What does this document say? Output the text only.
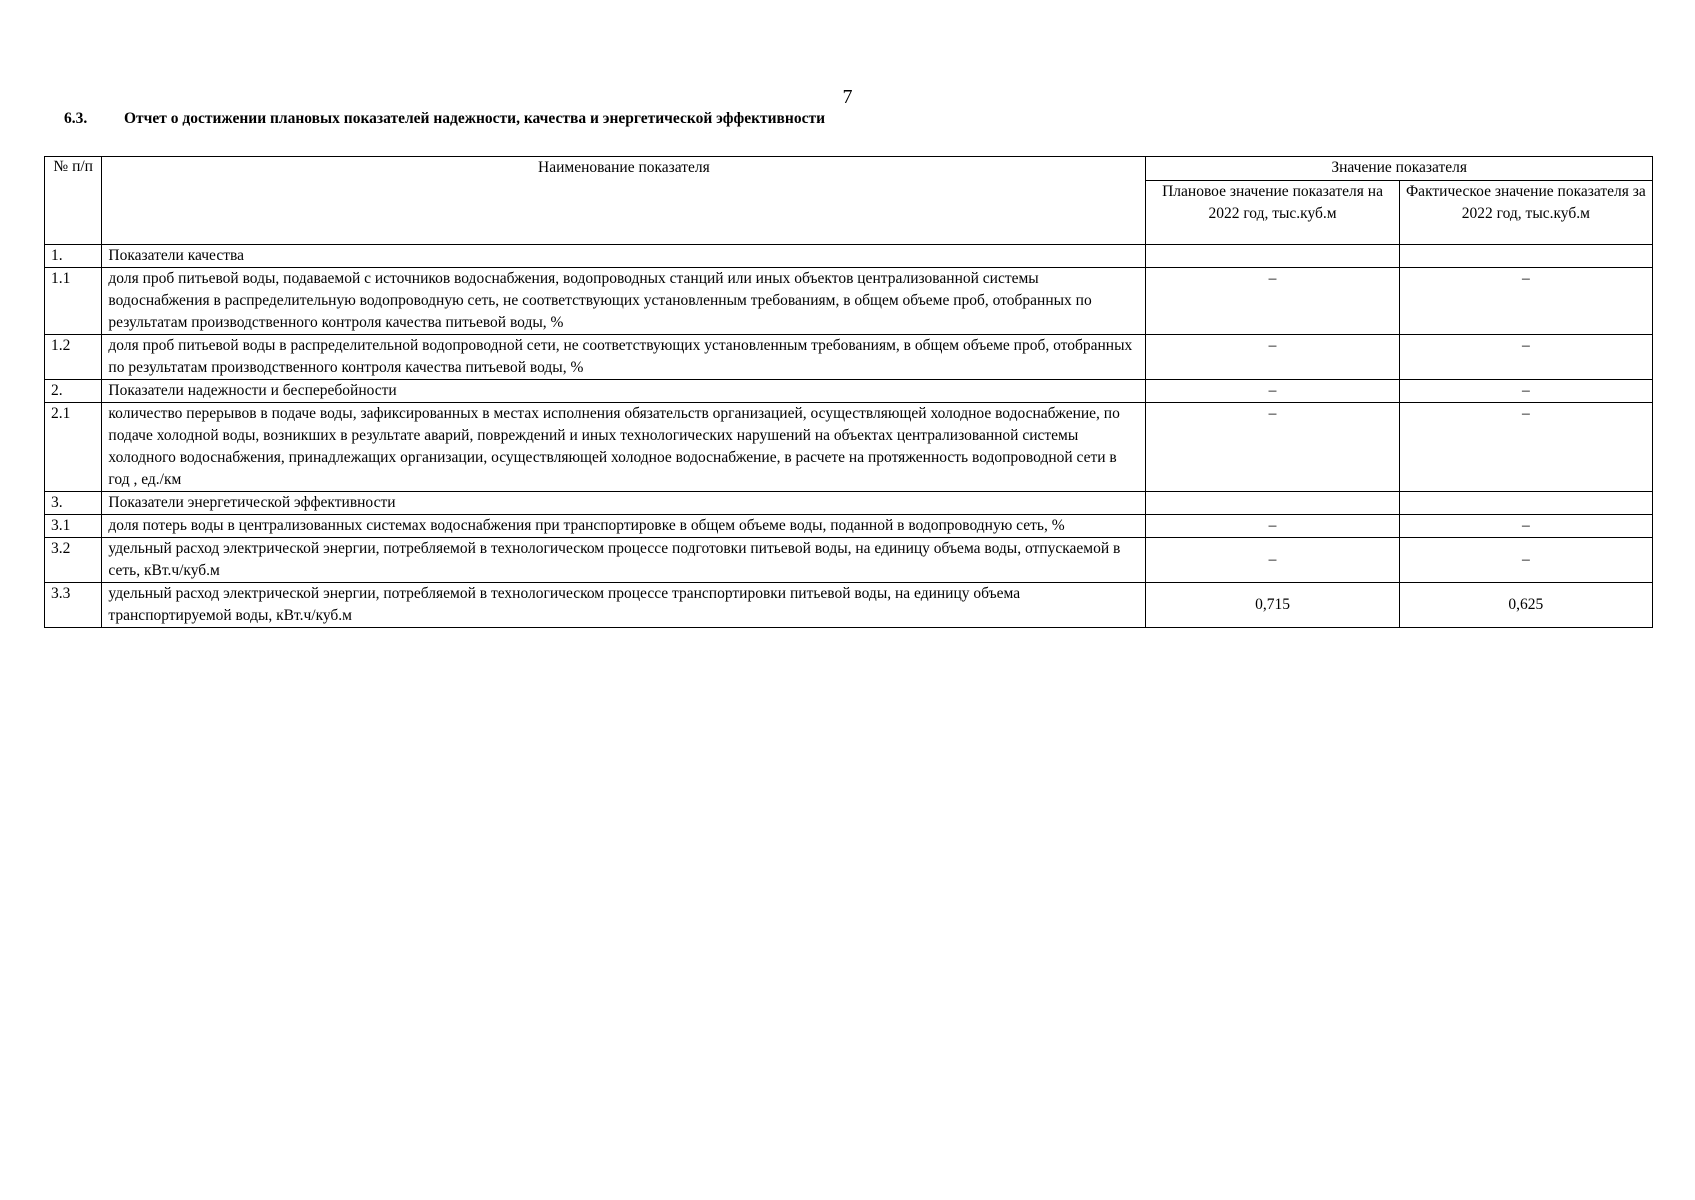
7
6.3. Отчет о достижении плановых показателей надежности, качества и энергетической эффективности
№ п/п	Наименование показателя	Значение показателя	
		Плановое значение показателя на 2022 год, тыс.куб.м	Фактическое значение показателя за 2022 год, тыс.куб.м
1.	Показатели качества		
1.1	доля проб питьевой воды, подаваемой с источников водоснабжения, водопроводных станций или иных объектов централизованной системы водоснабжения в распределительную водопроводную сеть, не соответствующих установленным требованиям, в общем объеме проб, отобранных по результатам производственного контроля качества питьевой воды, %	–	–
1.2	доля проб питьевой воды в распределительной водопроводной сети, не соответствующих установленным требованиям, в общем объеме проб, отобранных по результатам производственного контроля качества питьевой воды, %	–	–
2.	Показатели надежности и бесперебойности	–	–
2.1	количество перерывов в подаче воды, зафиксированных в местах исполнения обязательств организацией, осуществляющей холодное водоснабжение, по подаче холодной воды, возникших в результате аварий, повреждений и иных технологических нарушений на объектах централизованной системы холодного водоснабжения, принадлежащих организации, осуществляющей холодное водоснабжение, в расчете на протяженность водопроводной сети в год , ед./км	–	–
3.	Показатели энергетической эффективности		
3.1	доля потерь воды в централизованных системах водоснабжения при транспортировке в общем объеме воды, поданной в водопроводную сеть, %	–	–
3.2	удельный расход электрической энергии, потребляемой в технологическом процессе подготовки питьевой воды, на единицу объема воды, отпускаемой в сеть, кВт.ч/куб.м	–	–
3.3	удельный расход электрической энергии, потребляемой в технологическом процессе транспортировки питьевой воды, на единицу объема транспортируемой воды, кВт.ч/куб.м	0,715	0,625
